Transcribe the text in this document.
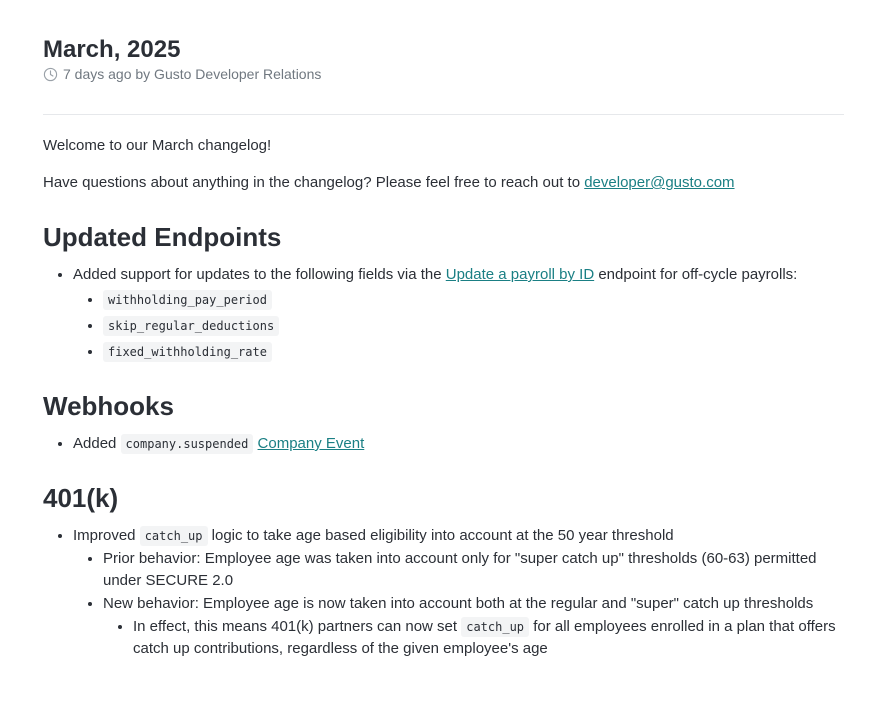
March, 2025
7 days ago by Gusto Developer Relations

Welcome to our March changelog!

Have questions about anything in the changelog? Please feel free to reach out to developer@gusto.com

Updated Endpoints
• Added support for updates to the following fields via the Update a payroll by ID endpoint for off-cycle payrolls:
• withholding_pay_period
• skip_regular_deductions
• fixed_withholding_rate
Webhooks
• Added company.suspended Company Event
401(k)
• Improved catch_up logic to take age based eligibility into account at the 50 year threshold
• Prior behavior: Employee age was taken into account only for "super catch up" thresholds (60-63) permitted under SECURE 2.0
• New behavior: Employee age is now taken into account both at the regular and "super" catch up thresholds
• In effect, this means 401(k) partners can now set catch_up for all employees enrolled in a plan that offers catch up contributions, regardless of the given employee's age
